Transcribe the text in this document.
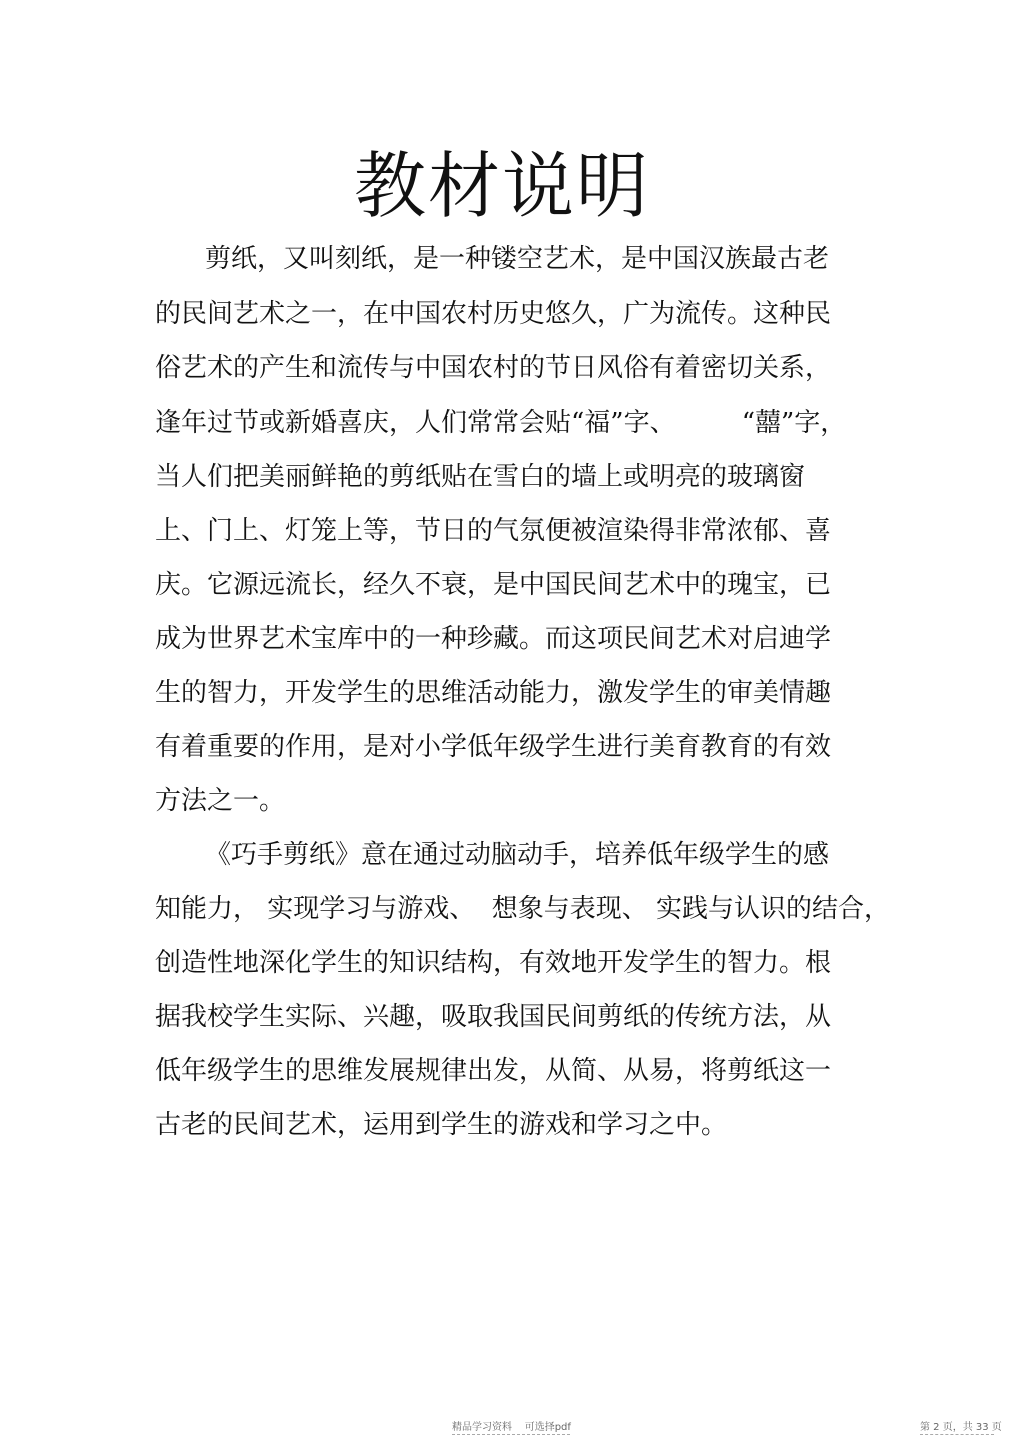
教材说明

剪纸，又叫刻纸，是一种镂空艺术，是中国汉族最古老

的民间艺术之一，在中国农村历史悠久，广为流传。这种民

俗艺术的产生和流传与中国农村的节日风俗有着密切关系，

逢年过节或新婚喜庆，人们常常会贴“福”字、        “囍”字，

当人们把美丽鲜艳的剪纸贴在雪白的墙上或明亮的玻璃窗

上、门上、灯笼上等，节日的气氛便被渲染得非常浓郁、喜

庆。它源远流长，经久不衰，是中国民间艺术中的瑰宝，已

成为世界艺术宝库中的一种珍藏。而这项民间艺术对启迪学

生的智力，开发学生的思维活动能力，激发学生的审美情趣

有着重要的作用，是对小学低年级学生进行美育教育的有效

方法之一。

《巧手剪纸》意在通过动脑动手，培养低年级学生的感

知能力， 实现学习与游戏、  想象与表现、 实践与认识的结合，

创造性地深化学生的知识结构，有效地开发学生的智力。根

据我校学生实际、兴趣，吸取我国民间剪纸的传统方法，从

低年级学生的思维发展规律出发，从简、从易，将剪纸这一

古老的民间艺术，运用到学生的游戏和学习之中。

精品学习资料    可选择pdf	第 2 页，共 33 页
